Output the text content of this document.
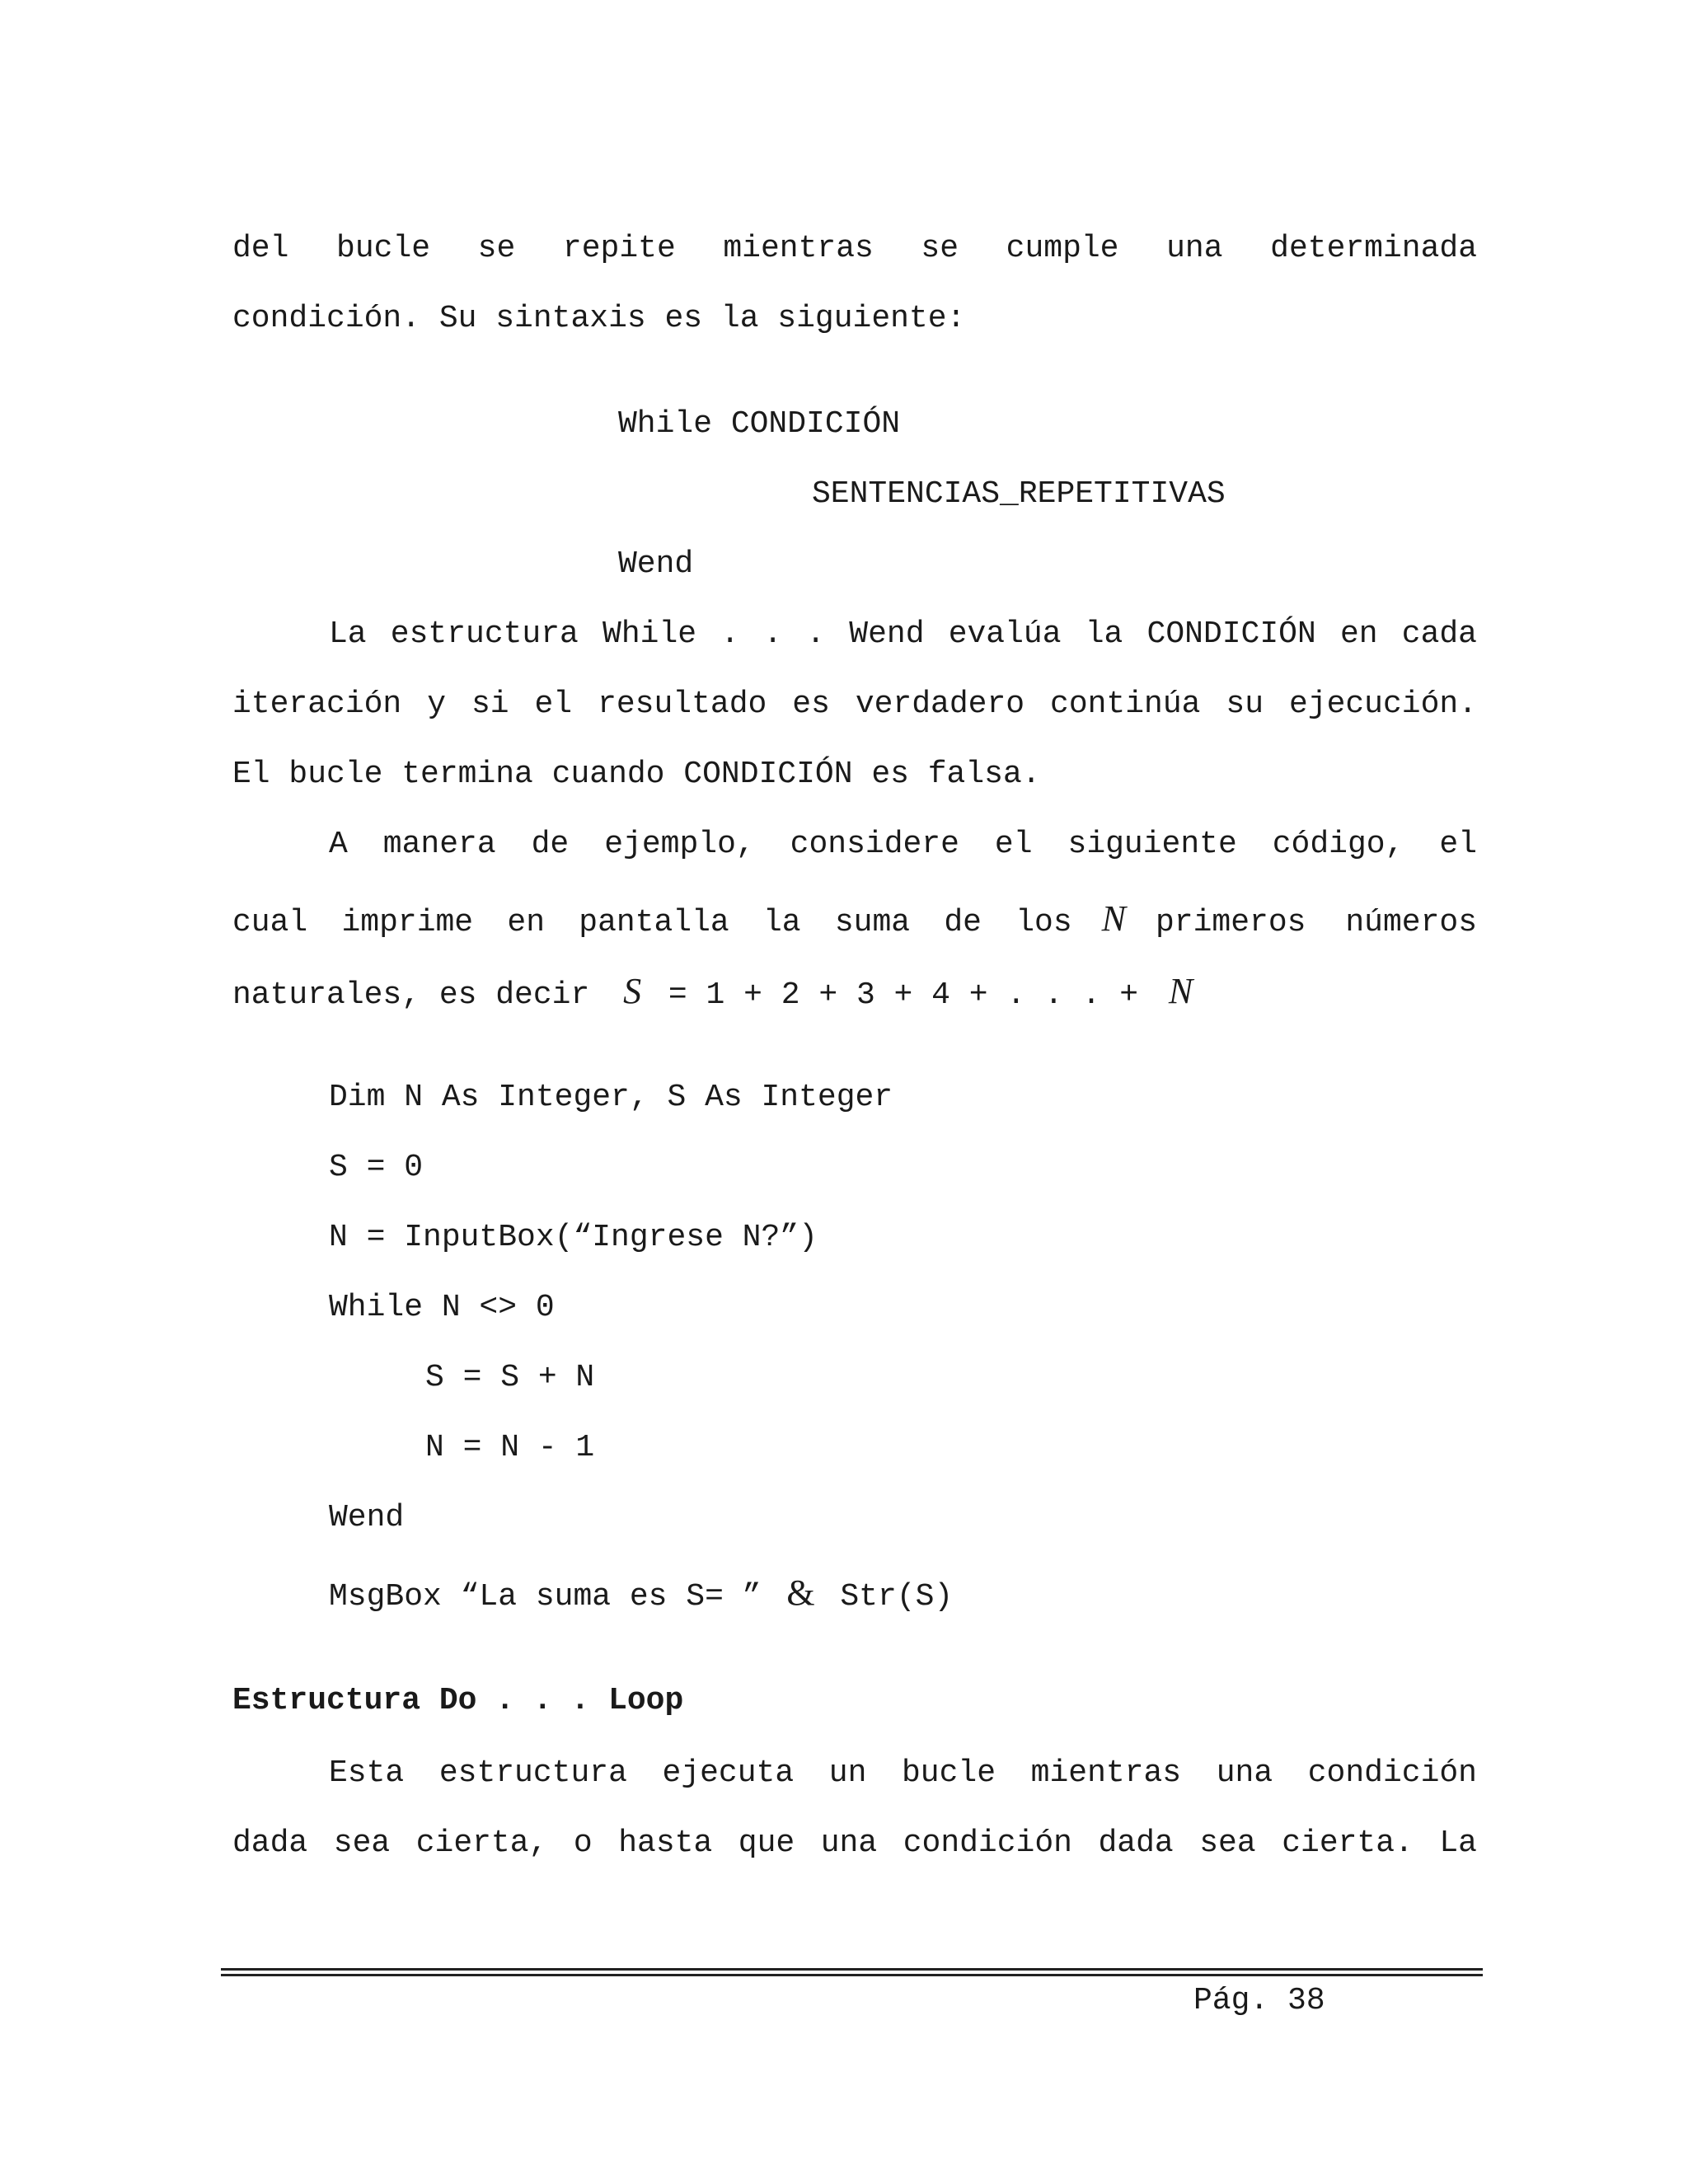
del bucle se repite mientras se cumple una determinada
condición. Su sintaxis es la siguiente:
While CONDICIÓN
SENTENCIAS_REPETITIVAS
Wend
La estructura While . . . Wend evalúa la CONDICIÓN en cada
iteración y si el resultado es verdadero continúa su ejecución.
El bucle termina cuando CONDICIÓN es falsa.
A manera de ejemplo, considere el siguiente código, el
cual imprime en pantalla la suma de los N primeros números
naturales, es decir S = 1 + 2 + 3 + 4 + . . . + N
Dim N As Integer, S As Integer
S = 0
N = InputBox(“Ingrese N?”)
While N <> 0
S = S + N
N = N - 1
Wend
MsgBox “La suma es S= ” & Str(S)
Estructura Do . . . Loop
Esta estructura ejecuta un bucle mientras una condición
dada sea cierta, o hasta que una condición dada sea cierta. La
Pág. 38
